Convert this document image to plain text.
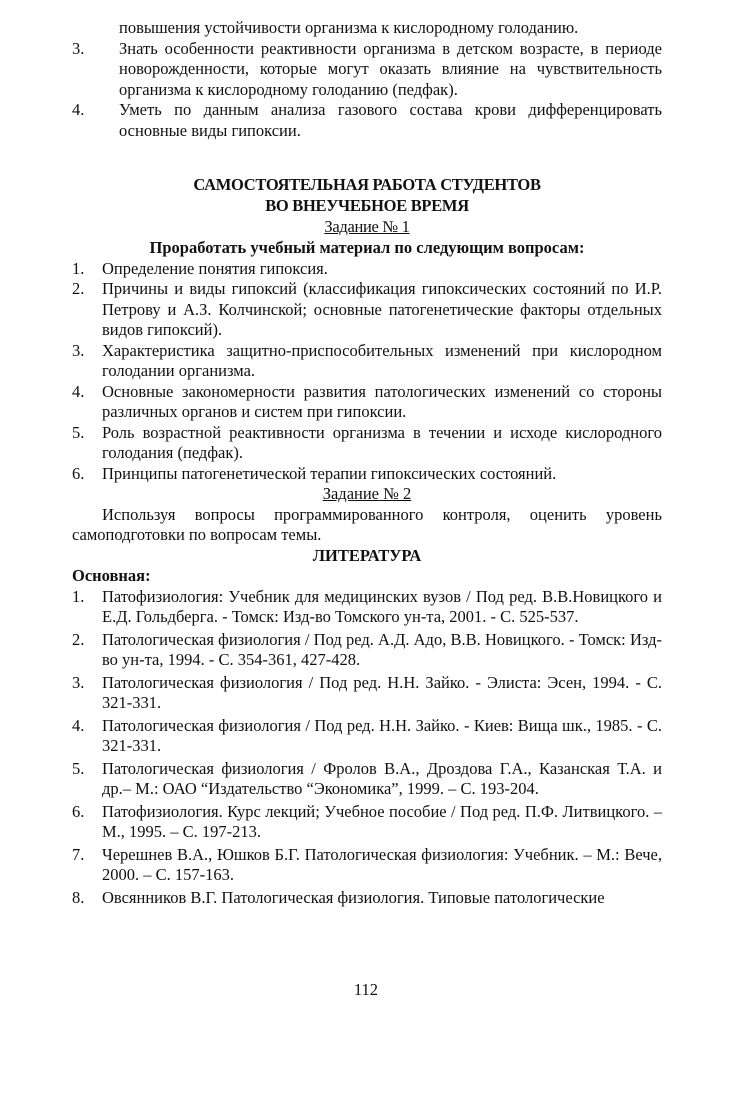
повышения устойчивости организма к кислородному голоданию.
3.	Знать особенности реактивности организма в детском возрасте, в периоде новорожденности, которые могут оказать влияние на чувствительность организма к кислородному голоданию (педфак).
4.	Уметь по данным анализа газового состава крови дифференцировать основные виды гипоксии.
САМОСТОЯТЕЛЬНАЯ РАБОТА СТУДЕНТОВ
ВО ВНЕУЧЕБНОЕ ВРЕМЯ
Задание № 1
Проработать учебный материал по следующим вопросам:
1.	Определение понятия гипоксия.
2.	Причины и виды гипоксий (классификация гипоксических состояний по И.Р. Петрову и А.З. Колчинской; основные патогенетические факторы отдельных видов гипоксий).
3.	Характеристика защитно-приспособительных изменений при кислородном голодании организма.
4.	Основные закономерности развития патологических изменений со стороны различных органов и систем при гипоксии.
5.	Роль возрастной реактивности организма в течении и исходе кислородного голодания (педфак).
6.	Принципы патогенетической терапии гипоксических состояний.
Задание № 2
Используя вопросы программированного контроля, оценить уровень самоподготовки по вопросам темы.
ЛИТЕРАТУРА
Основная:
1.	Патофизиология: Учебник для медицинских вузов / Под ред. В.В.Новицкого и Е.Д. Гольдберга. - Томск: Изд-во Томского ун-та, 2001. - С. 525-537.
2.	Патологическая физиология / Под ред. А.Д. Адо, В.В. Новицкого. - Томск: Изд-во ун-та, 1994. - С. 354-361, 427-428.
3.	Патологическая физиология / Под ред. Н.Н. Зайко. - Элиста: Эсен, 1994. - С. 321-331.
4.	Патологическая физиология / Под ред. Н.Н. Зайко. - Киев: Вища шк., 1985. - С. 321-331.
5.	Патологическая физиология / Фролов В.А., Дроздова Г.А., Казанская Т.А. и др.– М.: ОАО “Издательство “Экономика”, 1999. – С. 193-204.
6.	Патофизиология. Курс лекций; Учебное пособие / Под ред. П.Ф. Литвицкого. – М., 1995. – С. 197-213.
7.	Черешнев В.А., Юшков Б.Г. Патологическая физиология: Учебник. – М.: Вече, 2000. – С. 157-163.
8.	Овсянников В.Г. Патологическая физиология. Типовые патологические
112
